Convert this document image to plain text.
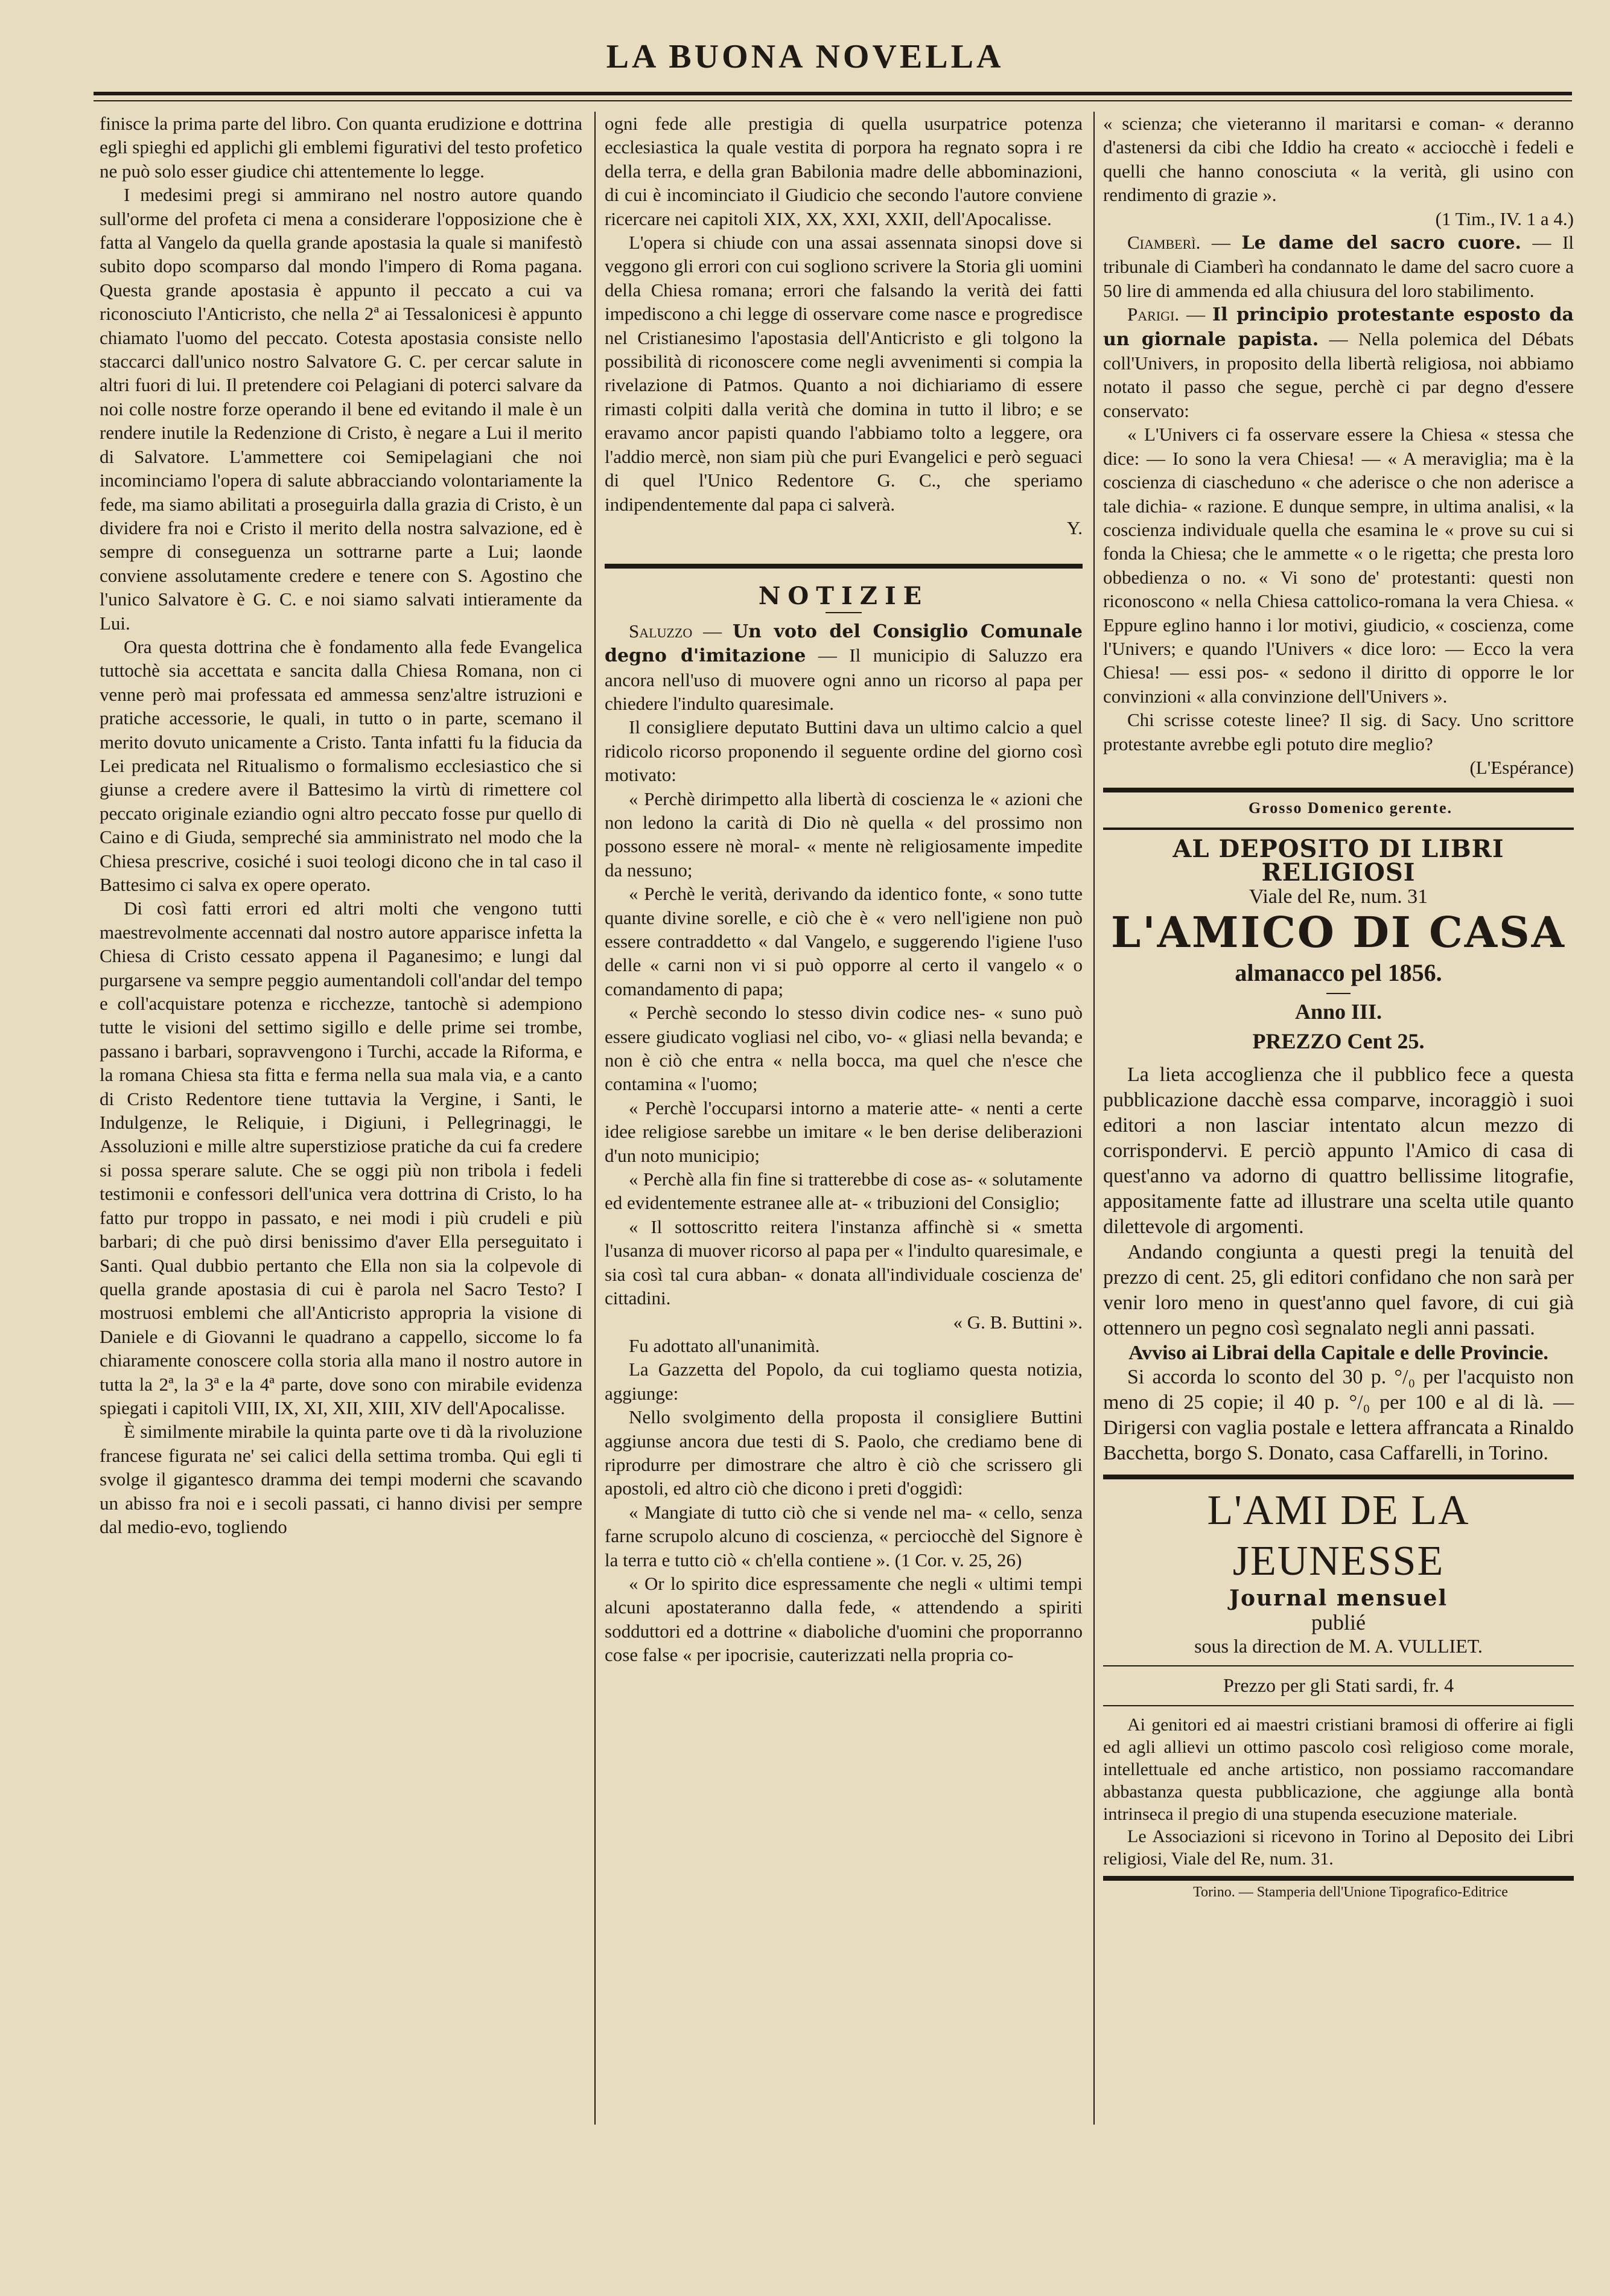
LA BUONA NOVELLA

finisce la prima parte del libro. Con quanta erudizione e dottrina egli spieghi ed applichi gli emblemi figurativi del testo profetico ne può solo esser giudice chi attentemente lo legge.

I medesimi pregi si ammirano nel nostro autore quando sull'orme del profeta ci mena a considerare l'opposizione che è fatta al Vangelo da quella grande apostasia la quale si manifestò subito dopo scomparso dal mondo l'impero di Roma pagana. Questa grande apostasia è appunto il peccato a cui va riconosciuto l'Anticristo, che nella 2ª ai Tessalonicesi è appunto chiamato l'uomo del peccato. Cotesta apostasia consiste nello staccarci dall'unico nostro Salvatore G. C. per cercar salute in altri fuori di lui. Il pretendere coi Pelagiani di poterci salvare da noi colle nostre forze operando il bene ed evitando il male è un rendere inutile la Redenzione di Cristo, è negare a Lui il merito di Salvatore. L'ammettere coi Semipelagiani che noi incominciamo l'opera di salute abbracciando volontariamente la fede, ma siamo abilitati a proseguirla dalla grazia di Cristo, è un dividere fra noi e Cristo il merito della nostra salvazione, ed è sempre di conseguenza un sottrarne parte a Lui; laonde conviene assolutamente credere e tenere con S. Agostino che l'unico Salvatore è G. C. e noi siamo salvati intieramente da Lui.

Ora questa dottrina che è fondamento alla fede Evangelica tuttochè sia accettata e sancita dalla Chiesa Romana, non ci venne però mai professata ed ammessa senz'altre istruzioni e pratiche accessorie, le quali, in tutto o in parte, scemano il merito dovuto unicamente a Cristo. Tanta infatti fu la fiducia da Lei predicata nel Ritualismo o formalismo ecclesiastico che si giunse a credere avere il Battesimo la virtù di rimettere col peccato originale eziandio ogni altro peccato fosse pur quello di Caino e di Giuda, sempreché sia amministrato nel modo che la Chiesa prescrive, cosiché i suoi teologi dicono che in tal caso il Battesimo ci salva ex opere operato.

Di così fatti errori ed altri molti che vengono tutti maestrevolmente accennati dal nostro autore apparisce infetta la Chiesa di Cristo cessato appena il Paganesimo; e lungi dal purgarsene va sempre peggio aumentandoli coll'andar del tempo e coll'acquistare potenza e ricchezze, tantochè si adempiono tutte le visioni del settimo sigillo e delle prime sei trombe, passano i barbari, sopravvengono i Turchi, accade la Riforma, e la romana Chiesa sta fitta e ferma nella sua mala via, e a canto di Cristo Redentore tiene tuttavia la Vergine, i Santi, le Indulgenze, le Reliquie, i Digiuni, i Pellegrinaggi, le Assoluzioni e mille altre superstiziose pratiche da cui fa credere si possa sperare salute. Che se oggi più non tribola i fedeli testimonii e confessori dell'unica vera dottrina di Cristo, lo ha fatto pur troppo in passato, e nei modi i più crudeli e più barbari; di che può dirsi benissimo d'aver Ella perseguitato i Santi. Qual dubbio pertanto che Ella non sia la colpevole di quella grande apostasia di cui è parola nel Sacro Testo? I mostruosi emblemi che all'Anticristo appropria la visione di Daniele e di Giovanni le quadrano a cappello, siccome lo fa chiaramente conoscere colla storia alla mano il nostro autore in tutta la 2ª, la 3ª e la 4ª parte, dove sono con mirabile evidenza spiegati i capitoli VIII, IX, XI, XII, XIII, XIV dell'Apocalisse.

È similmente mirabile la quinta parte ove ti dà la rivoluzione francese figurata ne' sei calici della settima tromba. Qui egli ti svolge il gigantesco dramma dei tempi moderni che scavando un abisso fra noi e i secoli passati, ci hanno divisi per sempre dal medio-evo, togliendo

ogni fede alle prestigia di quella usurpatrice potenza ecclesiastica la quale vestita di porpora ha regnato sopra i re della terra, e della gran Babilonia madre delle abbominazioni, di cui è incominciato il Giudicio che secondo l'autore conviene ricercare nei capitoli XIX, XX, XXI, XXII, dell'Apocalisse.

L'opera si chiude con una assai assennata sinopsi dove si veggono gli errori con cui sogliono scrivere la Storia gli uomini della Chiesa romana; errori che falsando la verità dei fatti impediscono a chi legge di osservare come nasce e progredisce nel Cristianesimo l'apostasia dell'Anticristo e gli tolgono la possibilità di riconoscere come negli avvenimenti si compia la rivelazione di Patmos. Quanto a noi dichiariamo di essere rimasti colpiti dalla verità che domina in tutto il libro; e se eravamo ancor papisti quando l'abbiamo tolto a leggere, ora l'addio mercè, non siam più che puri Evangelici e però seguaci di quel l'Unico Redentore G. C., che speriamo indipendentemente dal papa ci salverà.

Y.

NOTIZIE

Saluzzo — Un voto del Consiglio Comunale degno d'imitazione — Il municipio di Saluzzo era ancora nell'uso di muovere ogni anno un ricorso al papa per chiedere l'indulto quaresimale.

Il consigliere deputato Buttini dava un ultimo calcio a quel ridicolo ricorso proponendo il seguente ordine del giorno così motivato:

« Perchè dirimpetto alla libertà di coscienza le « azioni che non ledono la carità di Dio nè quella « del prossimo non possono essere nè moral- « mente nè religiosamente impedite da nessuno;

« Perchè le verità, derivando da identico fonte, « sono tutte quante divine sorelle, e ciò che è « vero nell'igiene non può essere contraddetto « dal Vangelo, e suggerendo l'igiene l'uso delle « carni non vi si può opporre al certo il vangelo « o comandamento di papa;

« Perchè secondo lo stesso divin codice nes- « suno può essere giudicato vogliasi nel cibo, vo- « gliasi nella bevanda; e non è ciò che entra « nella bocca, ma quel che n'esce che contamina « l'uomo;

« Perchè l'occuparsi intorno a materie atte- « nenti a certe idee religiose sarebbe un imitare « le ben derise deliberazioni d'un noto municipio;

« Perchè alla fin fine si tratterebbe di cose as- « solutamente ed evidentemente estranee alle at- « tribuzioni del Consiglio;

« Il sottoscritto reitera l'instanza affinchè si « smetta l'usanza di muover ricorso al papa per « l'indulto quaresimale, e sia così tal cura abban- « donata all'individuale coscienza de' cittadini.

« G. B. Buttini ».

Fu adottato all'unanimità.

La Gazzetta del Popolo, da cui togliamo questa notizia, aggiunge:

Nello svolgimento della proposta il consigliere Buttini aggiunse ancora due testi di S. Paolo, che crediamo bene di riprodurre per dimostrare che altro è ciò che scrissero gli apostoli, ed altro ciò che dicono i preti d'oggidì:

« Mangiate di tutto ciò che si vende nel ma- « cello, senza farne scrupolo alcuno di coscienza, « perciocchè del Signore è la terra e tutto ciò « ch'ella contiene ». (1 Cor. v. 25, 26)

« Or lo spirito dice espressamente che negli « ultimi tempi alcuni apostateranno dalla fede, « attendendo a spiriti sodduttori ed a dottrine « diaboliche d'uomini che proporranno cose false « per ipocrisie, cauterizzati nella propria co-

« scienza; che vieteranno il maritarsi e coman- « deranno d'astenersi da cibi che Iddio ha creato « acciocchè i fedeli e quelli che hanno conosciuta « la verità, gli usino con rendimento di grazie ».

(1 Tim., IV. 1 a 4.)

Ciamberì. — Le dame del sacro cuore. — Il tribunale di Ciamberì ha condannato le dame del sacro cuore a 50 lire di ammenda ed alla chiusura del loro stabilimento.

Parigi. — Il principio protestante esposto da un giornale papista. — Nella polemica del Débats coll'Univers, in proposito della libertà religiosa, noi abbiamo notato il passo che segue, perchè ci par degno d'essere conservato:

« L'Univers ci fa osservare essere la Chiesa « stessa che dice: — Io sono la vera Chiesa! — « A meraviglia; ma è la coscienza di ciascheduno « che aderisce o che non aderisce a tale dichia- « razione. E dunque sempre, in ultima analisi, « la coscienza individuale quella che esamina le « prove su cui si fonda la Chiesa; che le ammette « o le rigetta; che presta loro obbedienza o no. « Vi sono de' protestanti: questi non riconoscono « nella Chiesa cattolico-romana la vera Chiesa. « Eppure eglino hanno i lor motivi, giudicio, « coscienza, come l'Univers; e quando l'Univers « dice loro: — Ecco la vera Chiesa! — essi pos- « sedono il diritto di opporre le lor convinzioni « alla convinzione dell'Univers ».

Chi scrisse coteste linee? Il sig. di Sacy. Uno scrittore protestante avrebbe egli potuto dire meglio?

(L'Espérance)

Grosso Domenico gerente.

AL DEPOSITO DI LIBRI RELIGIOSI

Viale del Re, num. 31

L'AMICO DI CASA

almanacco pel 1856.

Anno III.

PREZZO Cent 25.

La lieta accoglienza che il pubblico fece a questa pubblicazione dacchè essa comparve, incoraggiò i suoi editori a non lasciar intentato alcun mezzo di corrispondervi. E perciò appunto l'Amico di casa di quest'anno va adorno di quattro bellissime litografie, appositamente fatte ad illustrare una scelta utile quanto dilettevole di argomenti.

Andando congiunta a questi pregi la tenuità del prezzo di cent. 25, gli editori confidano che non sarà per venir loro meno in quest'anno quel favore, di cui già ottennero un pegno così segnalato negli anni passati.

Avviso ai Librai della Capitale e delle Provincie.

Si accorda lo sconto del 30 p. °/₀ per l'acquisto non meno di 25 copie; il 40 p. °/₀ per 100 e al di là. — Dirigersi con vaglia postale e lettera affrancata a Rinaldo Bacchetta, borgo S. Donato, casa Caffarelli, in Torino.

L'AMI DE LA JEUNESSE

Journal mensuel

publié

sous la direction de M. A. VULLIET.

Prezzo per gli Stati sardi, fr. 4

Ai genitori ed ai maestri cristiani bramosi di offerire ai figli ed agli allievi un ottimo pascolo così religioso come morale, intellettuale ed anche artistico, non possiamo raccomandare abbastanza questa pubblicazione, che aggiunge alla bontà intrinseca il pregio di una stupenda esecuzione materiale.

Le Associazioni si ricevono in Torino al Deposito dei Libri religiosi, Viale del Re, num. 31.

Torino. — Stamperia dell'Unione Tipografico-Editrice
